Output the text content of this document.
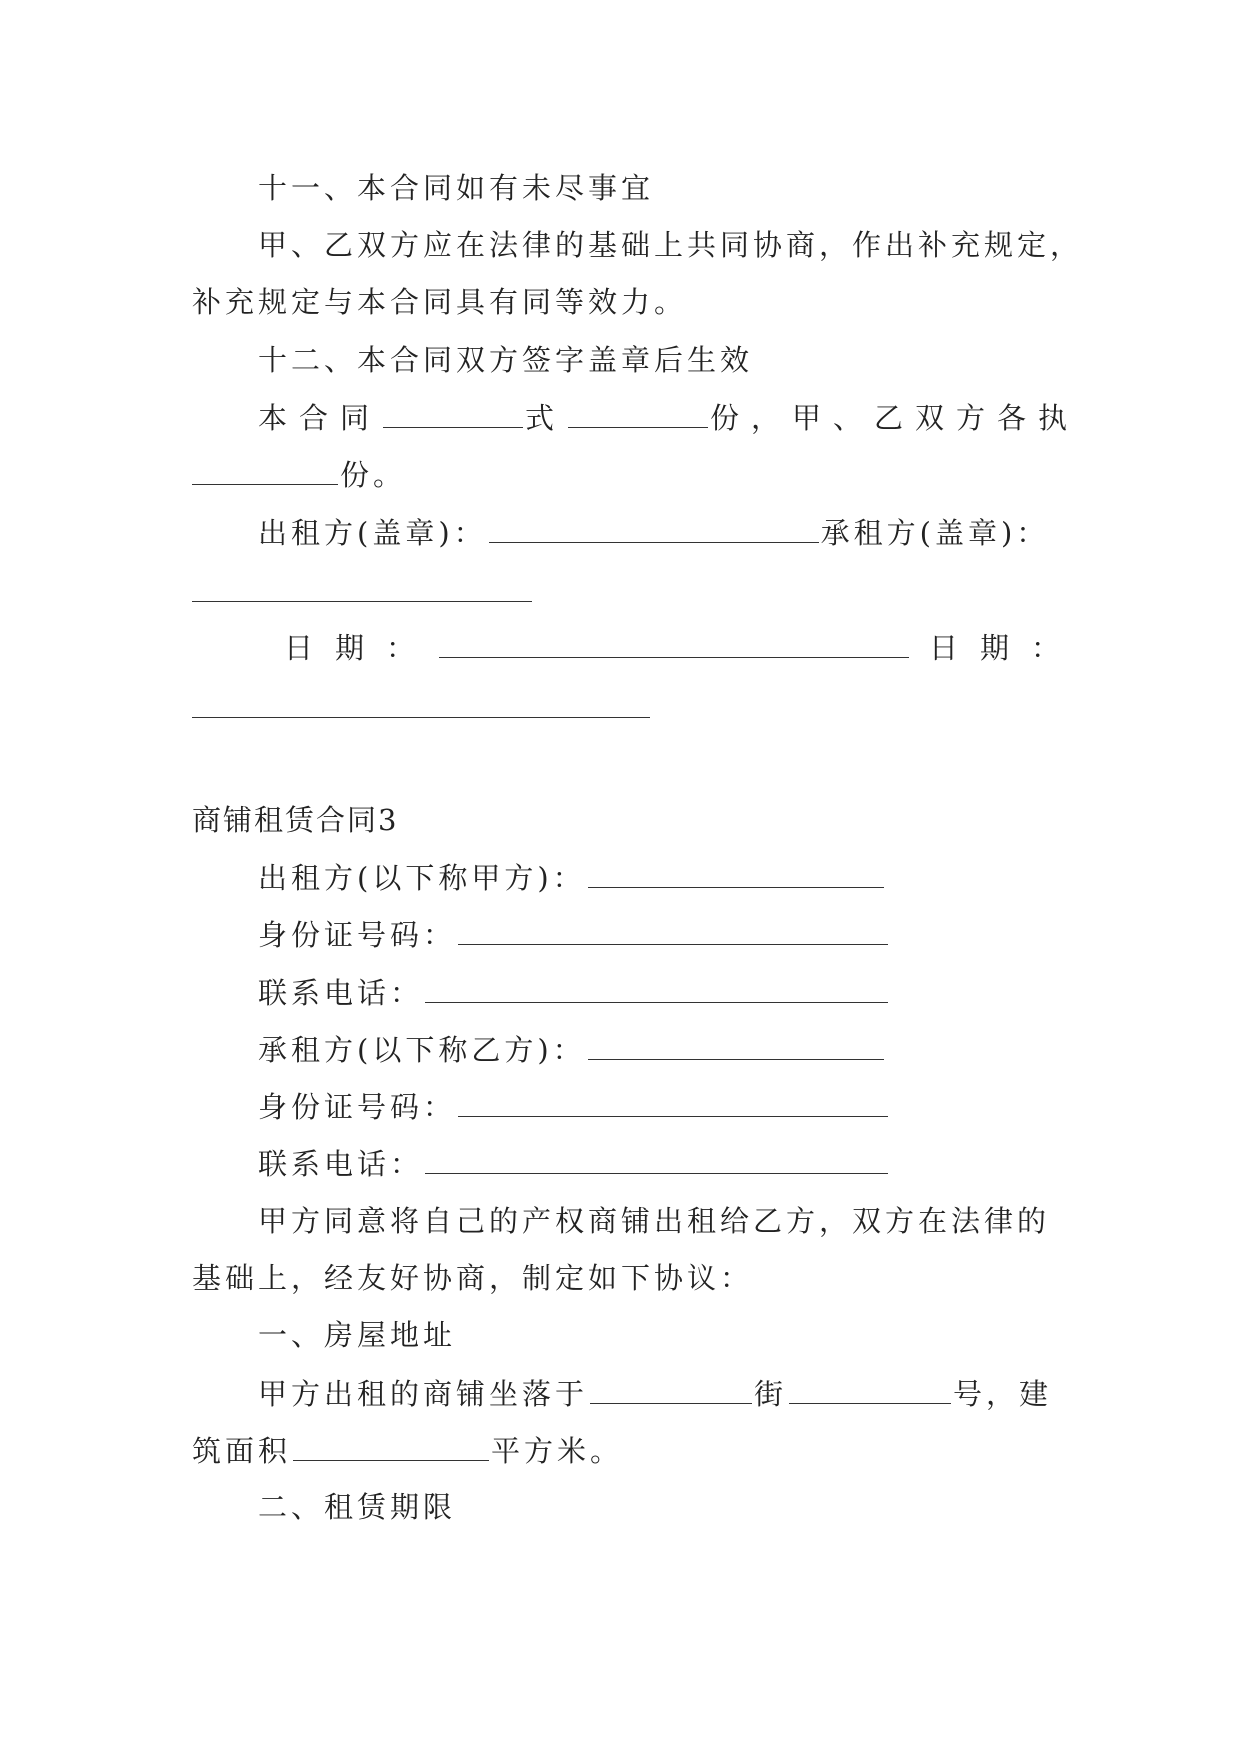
十一、本合同如有未尽事宜
甲、乙双方应在法律的基础上共同协商，作出补充规定，
补充规定与本合同具有同等效力。
十二、本合同双方签字盖章后生效
本合同	式	份，甲、乙双方各执
份。
出租方(盖章)：	承租方(盖章)：
日期：	日期：
商铺租赁合同3
出租方(以下称甲方)：
身份证号码：
联系电话：
承租方(以下称乙方)：
身份证号码：
联系电话：
甲方同意将自己的产权商铺出租给乙方，双方在法律的
基础上，经友好协商，制定如下协议：
一、房屋地址
甲方出租的商铺坐落于	街	号，建
筑面积	平方米。
二、租赁期限
